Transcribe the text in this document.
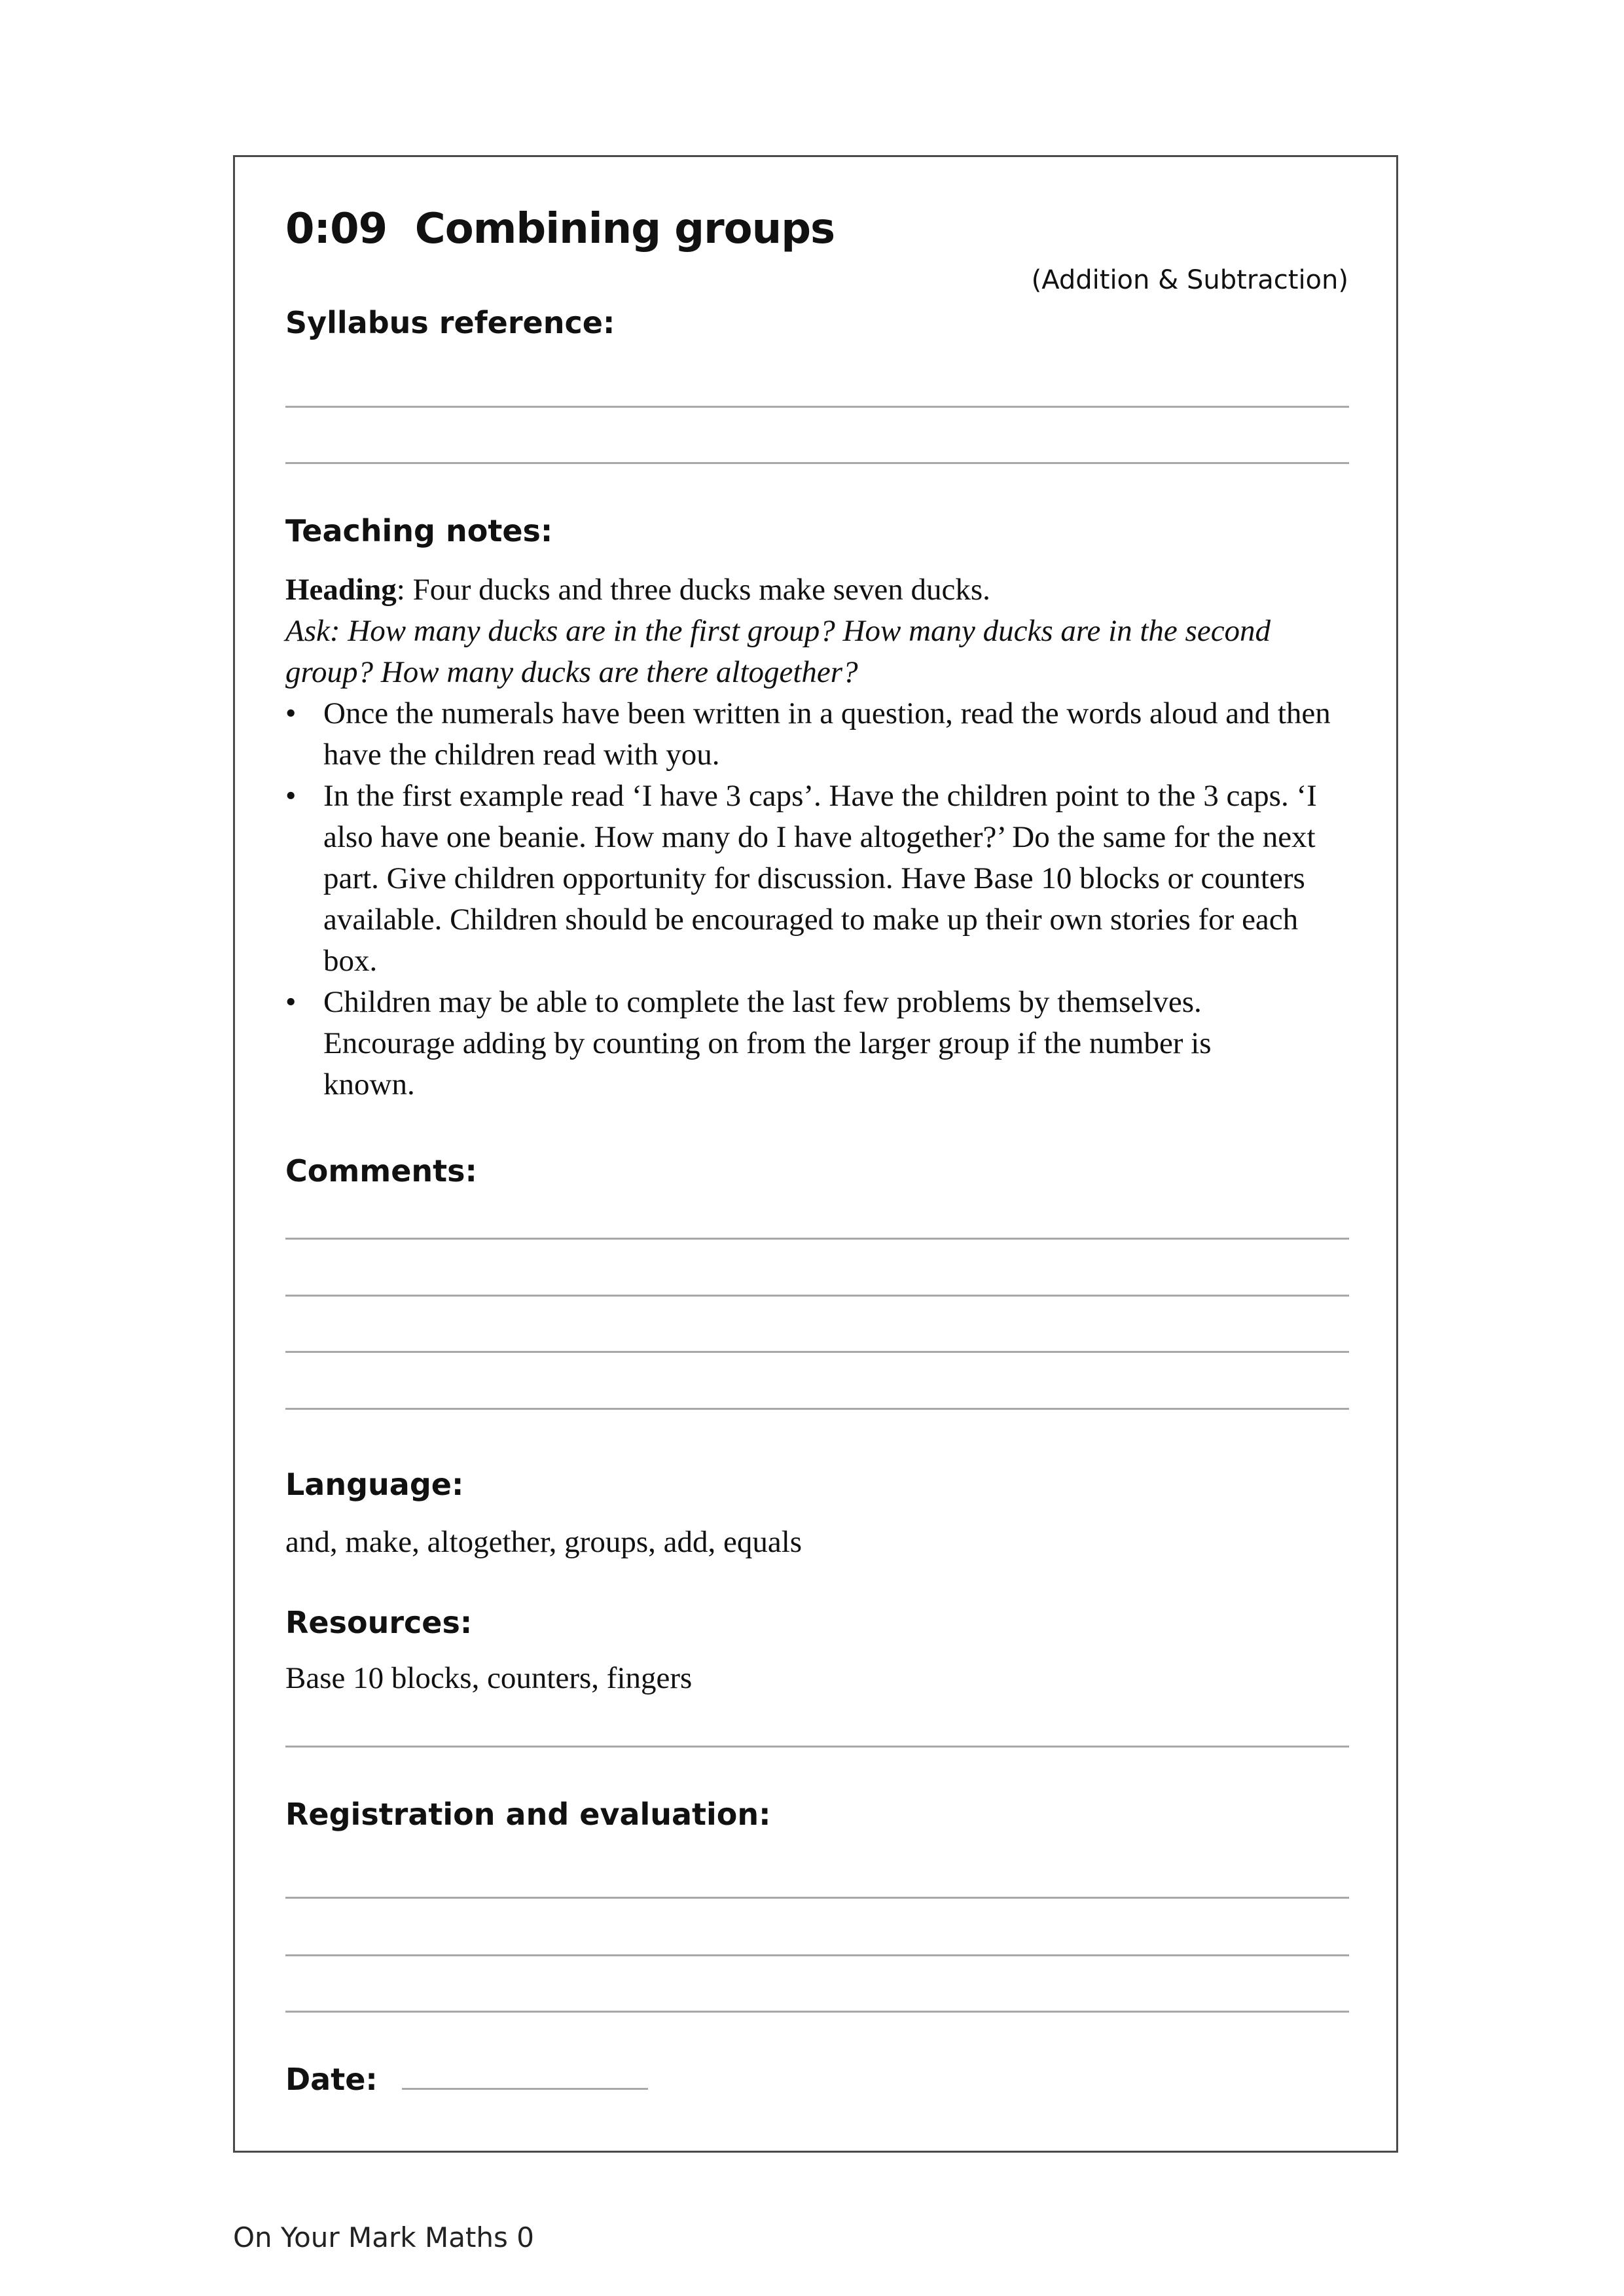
0:09 Combining groups
(Addition & Subtraction)
Syllabus reference:
Teaching notes:
Heading: Four ducks and three ducks make seven ducks.
Ask: How many ducks are in the first group? How many ducks are in the second group? How many ducks are there altogether?
• Once the numerals have been written in a question, read the words aloud and then have the children read with you.
• In the first example read ‘I have 3 caps’. Have the children point to the 3 caps. ‘I also have one beanie. How many do I have altogether?’ Do the same for the next part. Give children opportunity for discussion. Have Base 10 blocks or counters available. Children should be encouraged to make up their own stories for each box.
• Children may be able to complete the last few problems by themselves. Encourage adding by counting on from the larger group if the number is known.
Comments:
Language:
and, make, altogether, groups, add, equals
Resources:
Base 10 blocks, counters, fingers
Registration and evaluation:
Date:
On Your Mark Maths 0
